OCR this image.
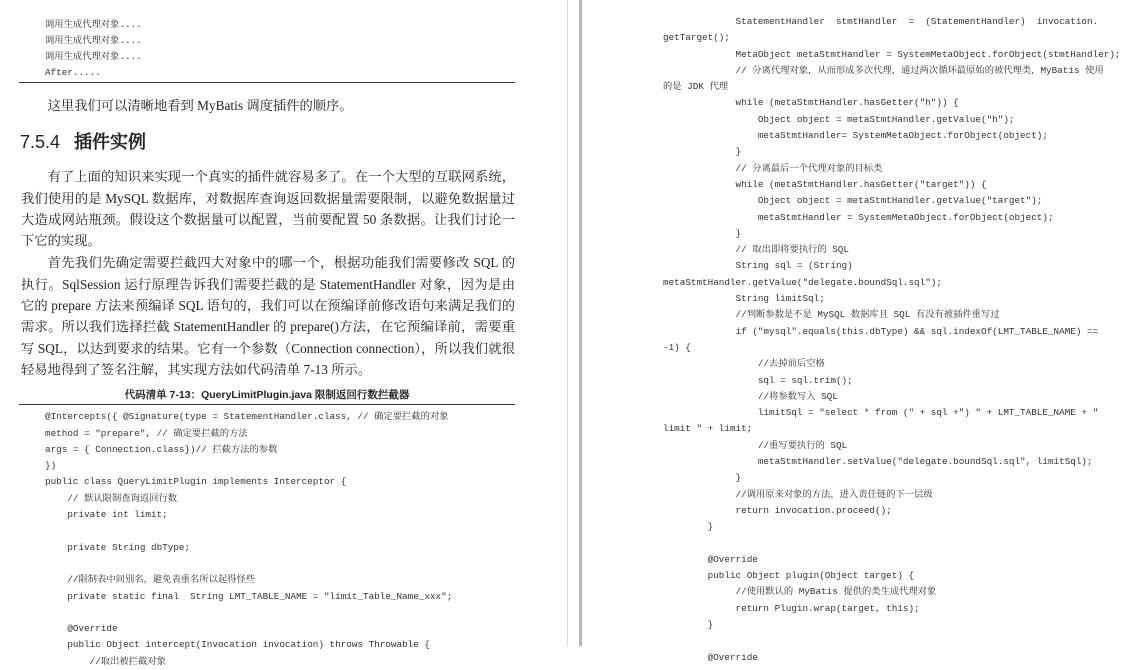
调用生成代理对象....
调用生成代理对象....
调用生成代理对象....
After.....
这里我们可以清晰地看到 MyBatis 调度插件的顺序。
7.5.4 插件实例
有了上面的知识来实现一个真实的插件就容易多了。在一个大型的互联网系统，我们使用的是 MySQL 数据库，对数据库查询返回数据量需要限制，以避免数据量过大造成网站瓶颈。假设这个数据量可以配置，当前要配置 50 条数据。让我们讨论一下它的实现。
首先我们先确定需要拦截四大对象中的哪一个，根据功能我们需要修改 SQL 的执行。SqlSession 运行原理告诉我们需要拦截的是 StatementHandler 对象，因为是由它的 prepare 方法来预编译 SQL 语句的，我们可以在预编译前修改语句来满足我们的需求。所以我们选择拦截 StatementHandler 的 prepare()方法，在它预编译前，需要重写 SQL，以达到要求的结果。它有一个参数（Connection connection），所以我们就很轻易地得到了签名注解，其实现方法如代码清单 7-13 所示。
代码清单 7-13：QueryLimitPlugin.java 限制返回行数拦截器
@Intercepts({ @Signature(type = StatementHandler.class, // 确定要拦截的对象
method = "prepare", // 确定要拦截的方法
args = { Connection.class})// 拦截方法的参数
})
public class QueryLimitPlugin implements Interceptor {
// 默认限制查询返回行数
private int limit;
private String dbType;
//限制表中间别名，避免表重名所以起得怪些
private static final  String LMT_TABLE_NAME = "limit_Table_Name_xxx";
@Override
public Object intercept(Invocation invocation) throws Throwable {
//取出被拦截对象
StatementHandler  stmtHandler  =  (StatementHandler)  invocation.
getTarget();
MetaObject metaStmtHandler = SystemMetaObject.forObject(stmtHandler);
// 分离代理对象，从而形成多次代理，通过两次循环最原始的被代理类，MyBatis 使用
的是 JDK 代理
while (metaStmtHandler.hasGetter("h")) {
Object object = metaStmtHandler.getValue("h");
metaStmtHandler= SystemMetaObject.forObject(object);
}
// 分离最后一个代理对象的目标类
while (metaStmtHandler.hasGetter("target")) {
Object object = metaStmtHandler.getValue("target");
metaStmtHandler = SystemMetaObject.forObject(object);
}
// 取出即将要执行的 SQL
String sql = (String) metaStmtHandler.getValue("delegate.boundSql.sql");
String limitSql;
//判断参数是不是 MySQL 数据库且 SQL 有没有被插件重写过
if ("mysql".equals(this.dbType) && sql.indexOf(LMT_TABLE_NAME) ==
-1) {
//去掉前后空格
sql = sql.trim();
//将参数写入 SQL
limitSql = "select * from (" + sql +") " + LMT_TABLE_NAME + "
limit " + limit;
//重写要执行的 SQL
metaStmtHandler.setValue("delegate.boundSql.sql", limitSql);
}
//调用原来对象的方法，进入责任链的下一层级
return invocation.proceed();
}
@Override
public Object plugin(Object target) {
//使用默认的 MyBatis 提供的类生成代理对象
return Plugin.wrap(target, this);
}
@Override
